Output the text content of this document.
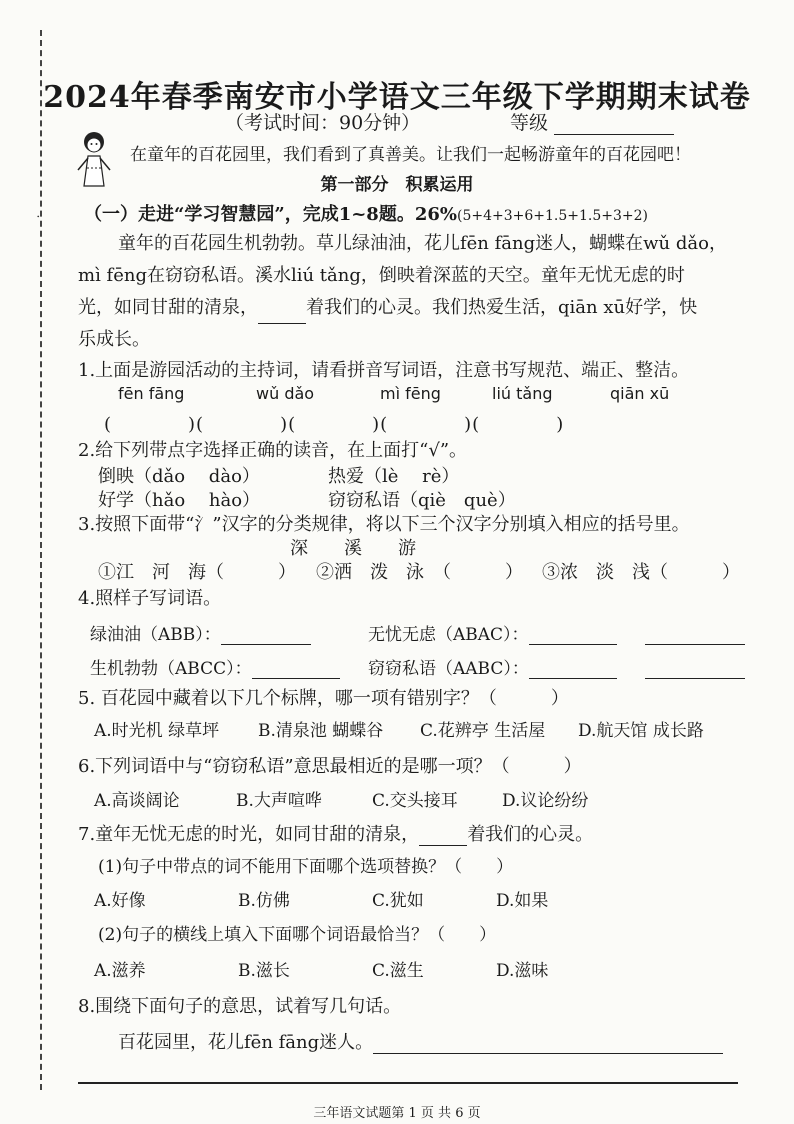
⋅
2024年春季南安市小学语文三年级下学期期末试卷
（考试时间：90分钟）	等级
在童年的百花园里，我们看到了真善美。让我们一起畅游童年的百花园吧！
第一部分　积累运用
（一）走进“学习智慧园”，完成1~8题。26%(5+4+3+6+1.5+1.5+3+2)
童年的百花园生机勃勃。草儿绿油油，花儿fēn fāng迷人，蝴蝶在wǔ dǎo，
mì fēng在窃窃私语。溪水liú tǎng，倒映着深蓝的天空。童年无忧无虑的时
光，如同甘甜的清泉，	着我们的心灵。我们热爱生活，qiān xū好学，快
乐成长。
1.上面是游园活动的主持词，请看拼音写词语，注意书写规范、端正、整洁。
fēn fāng	wǔ dǎo	mì fēng	liú tǎng	qiān xū
(　　　　)(　　　　)(　　　　)(　　　　)(　　　　)
2.给下列带点字选择正确的读音，在上面打“√”。
倒映（dǎo　 dào）	热爱（lè　 rè）
好学（hǎo　 hào）	窃窃私语（qiè　què）
3.按照下面带“氵”汉字的分类规律，将以下三个汉字分别填入相应的括号里。
深　　溪　　游
①江　河　海（　　　） ②洒　泼　泳　（　　　） ③浓　淡　浅（　　　）
4.照样子写词语。
绿油油（ABB）：	无忧无虑（ABAC）：
生机勃勃（ABCC）：	窃窃私语（AABC）：
5. 百花园中藏着以下几个标牌，哪一项有错别字？（　　　）
A.时光机 绿草坪 B.清泉池 蝴蝶谷 C.花辨亭 生活屋 D.航天馆 成长路
6.下列词语中与“窃窃私语”意思最相近的是哪一项？（　　　）
A.高谈阔论	B.大声喧哗	C.交头接耳	D.议论纷纷
7.童年无忧无虑的时光，如同甘甜的清泉，	着我们的心灵。
(1)句子中带点的词不能用下面哪个选项替换？（　　）
A.好像	B.仿佛	C.犹如	D.如果
(2)句子的横线上填入下面哪个词语最恰当？（　　）
A.滋养	B.滋长	C.滋生	D.滋味
8.围绕下面句子的意思，试着写几句话。
百花园里，花儿fēn fāng迷人。
三年语文试题第 1 页 共 6 页
